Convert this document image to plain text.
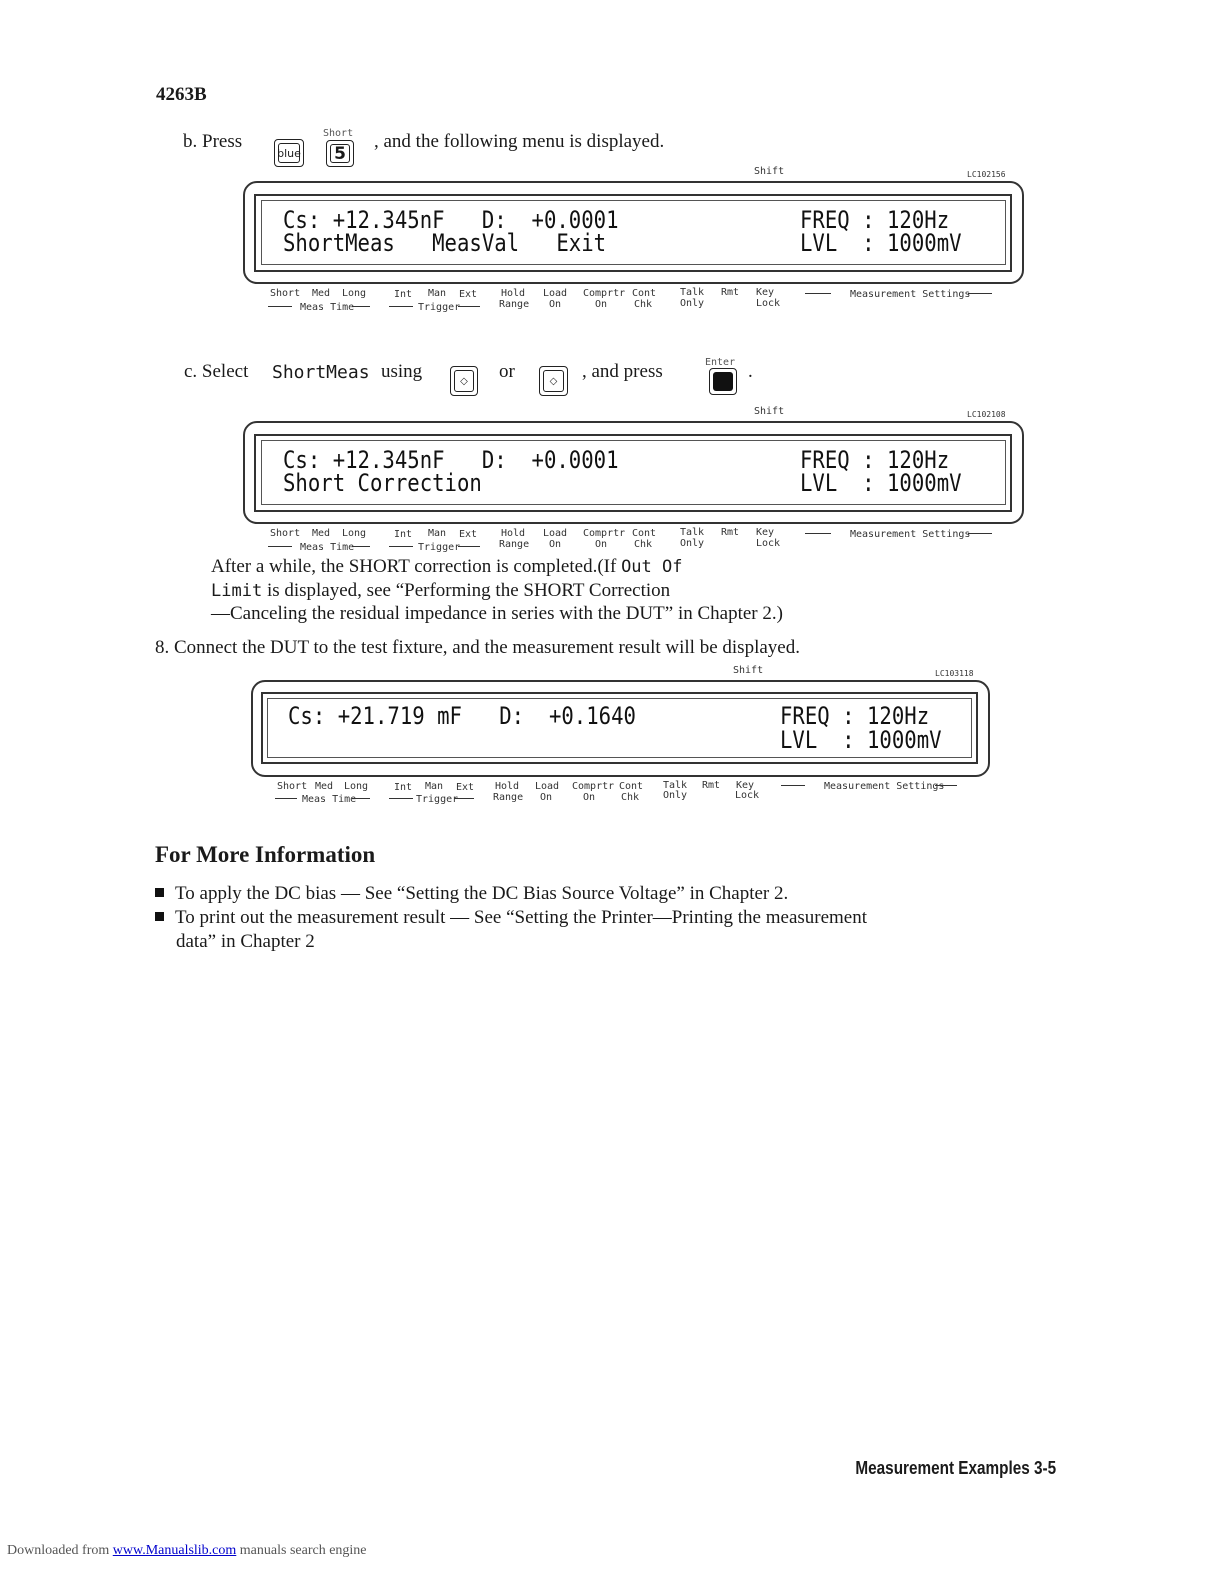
4263B
b. Press
blue
Short
5
, and the following menu is displayed.
Shift	LC102156
Cs: +12.345nF   D:  +0.0001
ShortMeas   MeasVal   Exit
FREQ : 120Hz
LVL  : 1000mV
Short Med Long	Int Man Ext Hold
Range
Load
On
Comprtr
On
Cont
Chk
Talk
Only
Rmt Key
Lock
Meas Time	Trigger
Measurement Settings
c. Select ShortMeas using	◇	or	◇	, and press	Enter .
Shift	LC102108
Cs: +12.345nF   D:  +0.0001
Short Correction
FREQ : 120Hz
LVL  : 1000mV
Short Med Long	Int Man Ext Hold
Range
Load
On
Comprtr
On
Cont
Chk
Talk
Only
Rmt Key
Lock
Meas Time	Trigger
Measurement Settings
After a while, the SHORT correction is completed.(If Out Of
Limit is displayed, see “Performing the SHORT Correction
—Canceling the residual impedance in series with the DUT” in Chapter 2.)
8. Connect the DUT to the test fixture, and the measurement result will be displayed.
Shift	LC103118
Cs: +21.719 mF   D:  +0.1640	FREQ : 120Hz
LVL  : 1000mV
Short Med Long	Int Man Ext Hold
Range
Load
On
Comprtr
On
Cont
Chk
Talk
Only
Rmt Key
Lock
Meas Time	Trigger
Measurement Settings
For More Information
To apply the DC bias — See “Setting the DC Bias Source Voltage” in Chapter 2.
To print out the measurement result — See “Setting the Printer—Printing the measurement
data” in Chapter 2
Measurement Examples 3-5
Downloaded from www.Manualslib.com manuals search engine
